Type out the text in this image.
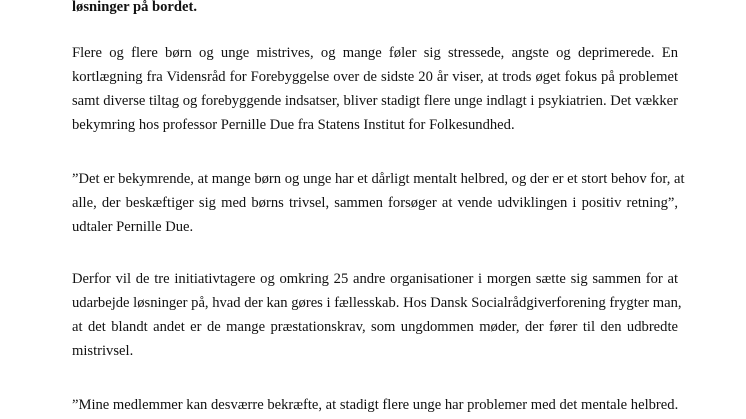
løsninger på bordet.

Flere og flere børn og unge mistrives, og mange føler sig stressede, angste og deprimerede. En
kortlægning fra Vidensråd for Forebyggelse over de sidste 20 år viser, at trods øget fokus på problemet
samt diverse tiltag og forebyggende indsatser, bliver stadigt flere unge indlagt i psykiatrien. Det vækker
bekymring hos professor Pernille Due fra Statens Institut for Folkesundhed.

”Det er bekymrende, at mange børn og unge har et dårligt mentalt helbred, og der er et stort behov for, at
alle, der beskæftiger sig med børns trivsel, sammen forsøger at vende udviklingen i positiv retning”,
udtaler Pernille Due.

Derfor vil de tre initiativtagere og omkring 25 andre organisationer i morgen sætte sig sammen for at
udarbejde løsninger på, hvad der kan gøres i fællesskab. Hos Dansk Socialrådgiverforening frygter man,
at det blandt andet er de mange præstationskrav, som ungdommen møder, der fører til den udbredte
mistrivsel.

”Mine medlemmer kan desværre bekræfte, at stadigt flere unge har problemer med det mentale helbred.
